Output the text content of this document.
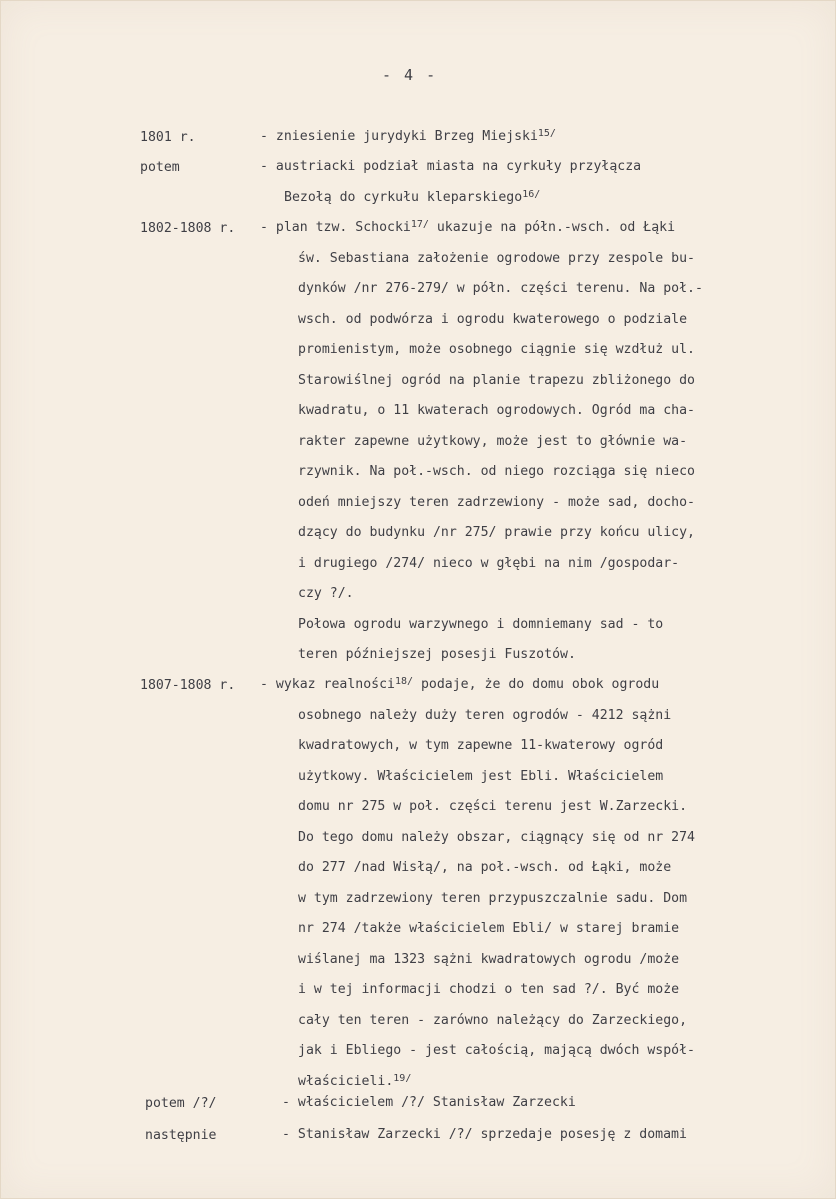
- 4 -
1801 r.	- zniesienie jurydyki Brzeg Miejski$^{15/}$
potem	- austriacki podział miasta na cyrkuły przyłącza
Bezołą do cyrkułu kleparskiego$^{16/}$
1802-1808 r. - plan tzw. Schocki$^{17/}$ ukazuje na półn.-wsch. od Łąki
św. Sebastiana założenie ogrodowe przy zespole bu-
dynków /nr 276-279/ w półn. części terenu. Na poł.-
wsch. od podwórza i ogrodu kwaterowego o podziale
promienistym, może osobnego ciągnie się wzdłuż ul.
Starowiślnej ogród na planie trapezu zbliżonego do
kwadratu, o 11 kwaterach ogrodowych. Ogród ma cha-
rakter zapewne użytkowy, może jest to głównie wa-
rzywnik. Na poł.-wsch. od niego rozciąga się nieco
odeń mniejszy teren zadrzewiony - może sad, docho-
dzący do budynku /nr 275/ prawie przy końcu ulicy,
i drugiego /274/ nieco w głębi na nim /gospodar-
czy ?/.
Połowa ogrodu warzywnego i domniemany sad - to
teren późniejszej posesji Fuszotów.
1807-1808 r. - wykaz realności$^{18/}$ podaje, że do domu obok ogrodu
osobnego należy duży teren ogrodów - 4212 sążni
kwadratowych, w tym zapewne 11-kwaterowy ogród
użytkowy. Właścicielem jest Ebli. Właścicielem
domu nr 275 w poł. części terenu jest W.Zarzecki.
Do tego domu należy obszar, ciągnący się od nr 274
do 277 /nad Wisłą/, na poł.-wsch. od Łąki, może
w tym zadrzewiony teren przypuszczalnie sadu. Dom
nr 274 /także właścicielem Ebli/ w starej bramie
wiślanej ma 1323 sążni kwadratowych ogrodu /może
i w tej informacji chodzi o ten sad ?/. Być może
cały ten teren - zarówno należący do Zarzeckiego,
jak i Ebliego - jest całością, mającą dwóch współ-
właścicieli.$^{19/}$
potem /?/	- właścicielem /?/ Stanisław Zarzecki
następnie	- Stanisław Zarzecki /?/ sprzedaje posesję z domami
